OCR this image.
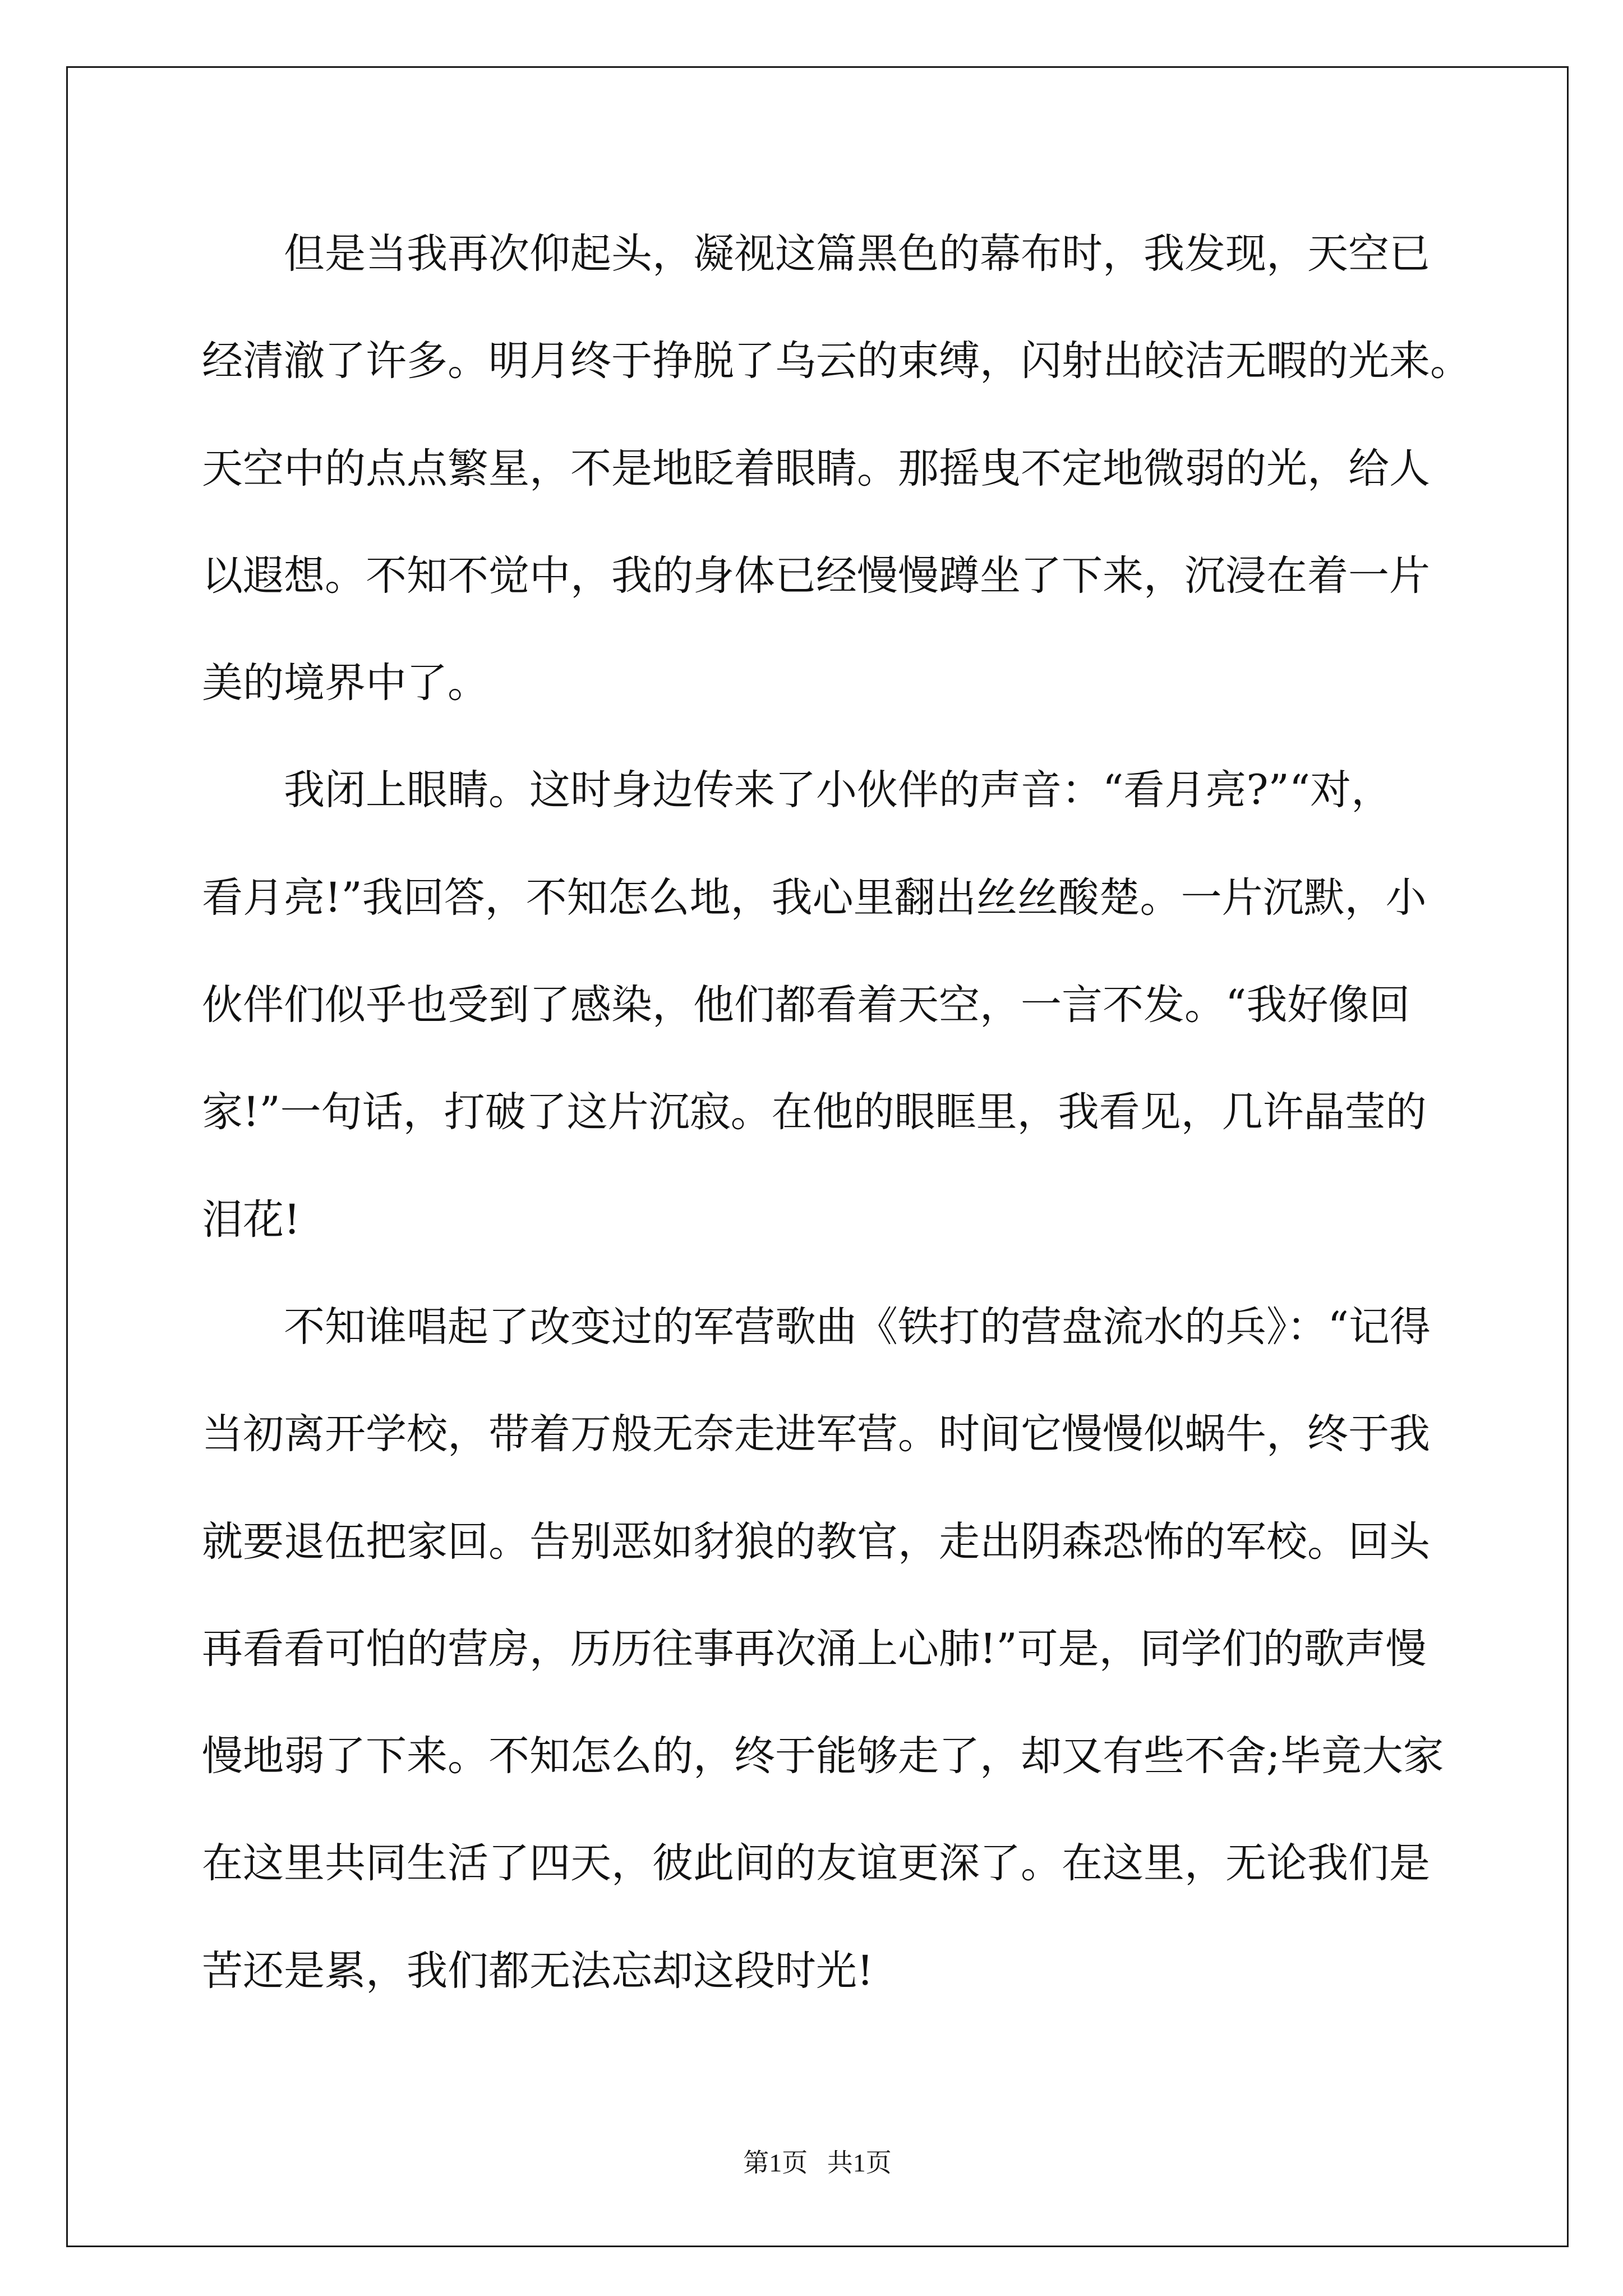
但是当我再次仰起头，凝视这篇黑色的幕布时，我发现，天空已
经清澈了许多。明月终于挣脱了乌云的束缚，闪射出皎洁无暇的光来。
天空中的点点繁星，不是地眨着眼睛。那摇曳不定地微弱的光，给人
以遐想。不知不觉中，我的身体已经慢慢蹲坐了下来，沉浸在着一片
美的境界中了。
我闭上眼睛。这时身边传来了小伙伴的声音：“看月亮?”“对，
看月亮!”我回答，不知怎么地，我心里翻出丝丝酸楚。一片沉默，小
伙伴们似乎也受到了感染，他们都看着天空，一言不发。“我好像回
家!”一句话，打破了这片沉寂。在他的眼眶里，我看见，几许晶莹的
泪花!
不知谁唱起了改变过的军营歌曲《铁打的营盘流水的兵》：“记得
当初离开学校，带着万般无奈走进军营。时间它慢慢似蜗牛，终于我
就要退伍把家回。告别恶如豺狼的教官，走出阴森恐怖的军校。回头
再看看可怕的营房，历历往事再次涌上心肺!”可是，同学们的歌声慢
慢地弱了下来。不知怎么的，终于能够走了，却又有些不舍;毕竟大家
在这里共同生活了四天，彼此间的友谊更深了。在这里，无论我们是
苦还是累，我们都无法忘却这段时光!
第1页   共1页
